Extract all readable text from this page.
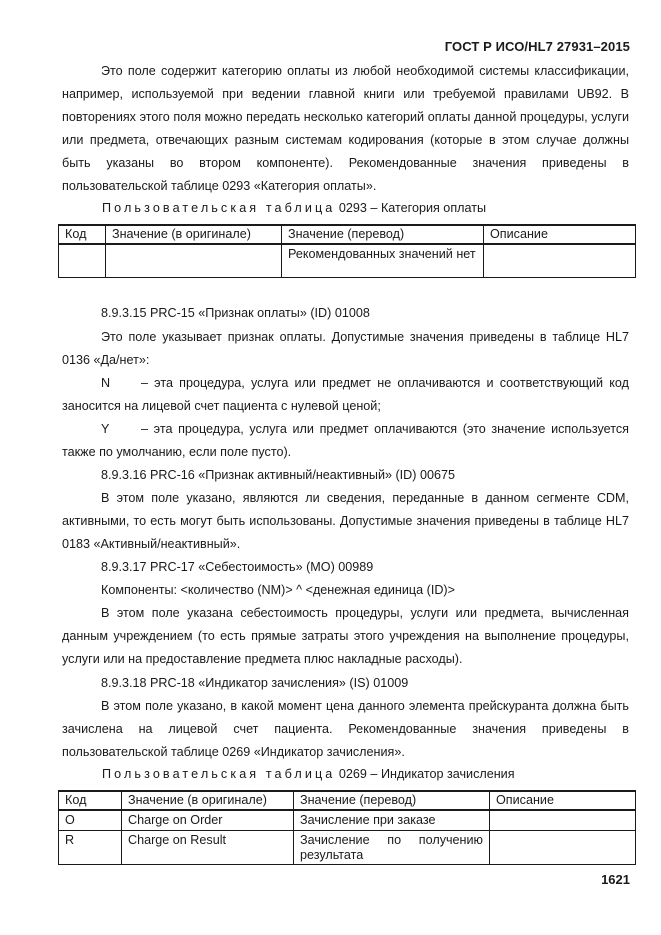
ГОСТ Р ИСО/HL7 27931–2015
Это поле содержит категорию оплаты из любой необходимой системы классификации, например, используемой при ведении главной книги или требуемой правилами UB92. В повторениях этого поля можно передать несколько категорий оплаты данной процедуры, услуги или предмета, отвечающих разным системам кодирования (которые в этом случае должны быть указаны во втором компоненте). Рекомендованные значения приведены в пользовательской таблице 0293 «Категория оплаты».
Пользовательская таблица 0293 – Категория оплаты
Код	Значение (в оригинале)	Значение (перевод)	Описание
		Рекомендованных значений нет	
8.9.3.15 PRC-15 «Признак оплаты» (ID) 01008
Это поле указывает признак оплаты. Допустимые значения приведены в таблице HL7 0136 «Да/нет»:
N – эта процедура, услуга или предмет не оплачиваются и соответствующий код заносится на лицевой счет пациента с нулевой ценой;
Y	– эта процедура, услуга или предмет оплачиваются (это значение используется также по умолчанию, если поле пусто).
8.9.3.16 PRC-16 «Признак активный/неактивный» (ID) 00675
В этом поле указано, являются ли сведения, переданные в данном сегменте CDM, активными, то есть могут быть использованы. Допустимые значения приведены в таблице HL7 0183 «Активный/неактивный».
8.9.3.17 PRC-17 «Себестоимость» (MO) 00989
Компоненты: <количество (NM)> ^ <денежная единица (ID)>
В этом поле указана себестоимость процедуры, услуги или предмета, вычисленная данным учреждением (то есть прямые затраты этого учреждения на выполнение процедуры, услуги или на предоставление предмета плюс накладные расходы).
8.9.3.18 PRC-18 «Индикатор зачисления» (IS) 01009
В этом поле указано, в какой момент цена данного элемента прейскуранта должна быть зачислена на лицевой счет пациента. Рекомендованные значения приведены в пользовательской таблице 0269 «Индикатор зачисления».
Пользовательская таблица 0269 – Индикатор зачисления
Код	Значение (в оригинале)	Значение (перевод)	Описание
O	Charge on Order	Зачисление при заказе	
R	Charge on Result	Зачисление по получению результата	
1621
